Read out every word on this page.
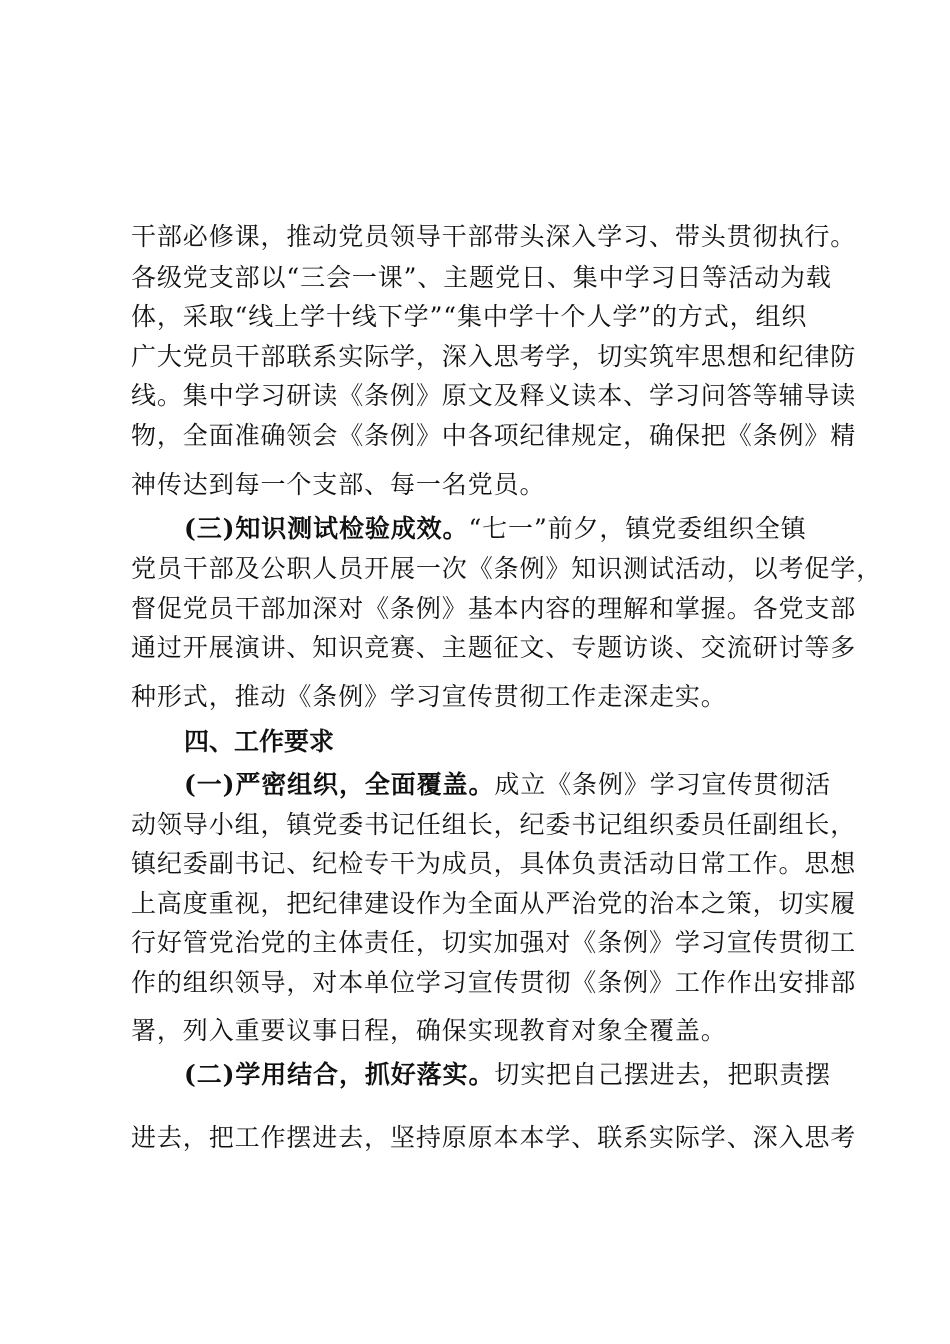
干部必修课，推动党员领导干部带头深入学习、带头贯彻执行。
各级党支部以“三会一课”、主题党日、集中学习日等活动为载
体，采取“线上学十线下学”“集中学十个人学”的方式，组织
广大党员干部联系实际学，深入思考学，切实筑牢思想和纪律防
线。集中学习研读《条例》原文及释义读本、学习问答等辅导读
物，全面准确领会《条例》中各项纪律规定，确保把《条例》精
神传达到每一个支部、每一名党员。
(三)知识测试检验成效。“七一”前夕，镇党委组织全镇
党员干部及公职人员开展一次《条例》知识测试活动，以考促学，
督促党员干部加深对《条例》基本内容的理解和掌握。各党支部
通过开展演讲、知识竞赛、主题征文、专题访谈、交流研讨等多
种形式，推动《条例》学习宣传贯彻工作走深走实。
四、工作要求
(一)严密组织，全面覆盖。成立《条例》学习宣传贯彻活
动领导小组，镇党委书记任组长，纪委书记组织委员任副组长，
镇纪委副书记、纪检专干为成员，具体负责活动日常工作。思想
上高度重视，把纪律建设作为全面从严治党的治本之策，切实履
行好管党治党的主体责任，切实加强对《条例》学习宣传贯彻工
作的组织领导，对本单位学习宣传贯彻《条例》工作作出安排部
署，列入重要议事日程，确保实现教育对象全覆盖。
(二)学用结合，抓好落实。切实把自己摆进去，把职责摆
进去，把工作摆进去，坚持原原本本学、联系实际学、深入思考
